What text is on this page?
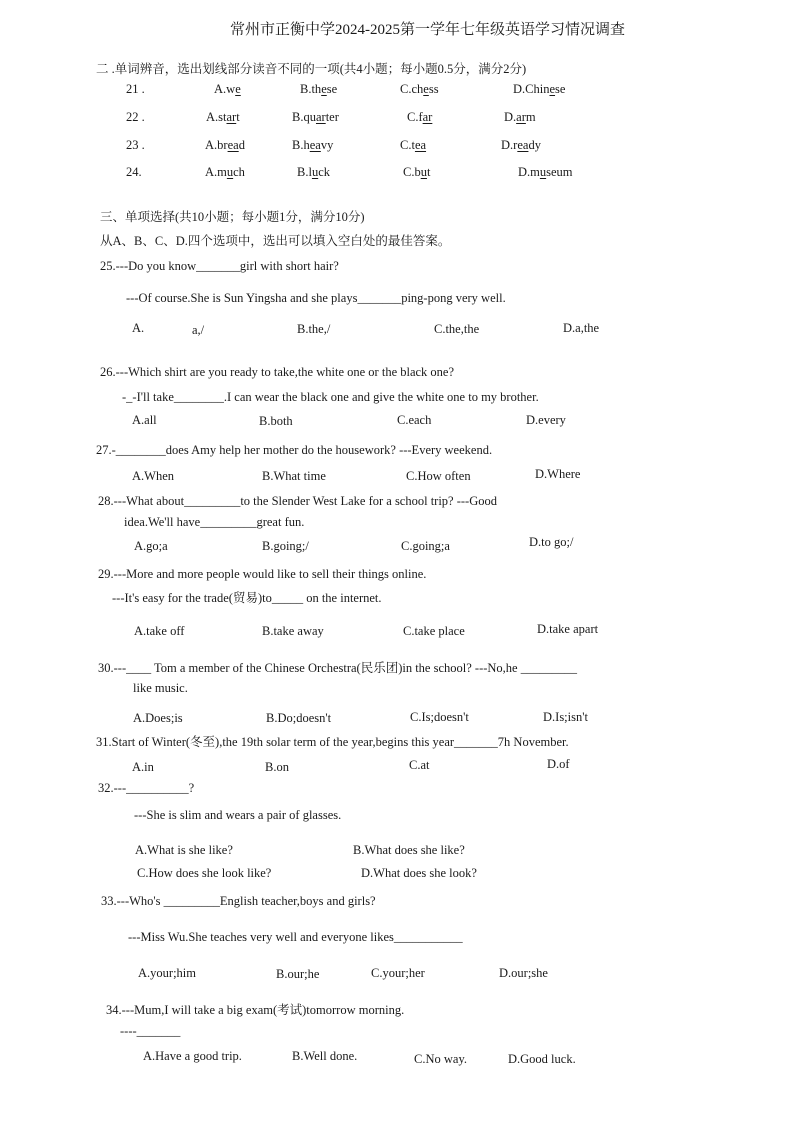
常州市正衡中学2024-2025第一学年七年级英语学习情况调查
二 .单词辨音，选出划线部分读音不同的一项(共4小题；每小题0.5分，满分2分)
21 .	A.we	B.these	C.chess	D.Chinese
22 .	A.start	B.quarter	C.far	D.arm
23 .	A.bread	B.heavy	C.tea	D.ready
24.	A.much	B.luck	C.but	D.museum
三、单项选择(共10小题；每小题1分，满分10分)
从A、B、C、D.四个选项中，选出可以填入空白处的最佳答案。
25.---Do you know_______girl with short hair?
---Of course.She is Sun Yingsha and she plays_______ping-pong very well.
A.	a,/	B.the,/	C.the,the	D.a,the
26.---Which shirt are you ready to take,the white one or the black one?
-_-I'll take________.I can wear the black one and give the white one to my brother.
A.all	B.both	C.each	D.every
27.-________does Amy help her mother do the housework? ---Every weekend.
A.When	B.What time	C.How often	D.Where
28.---What about_________to the Slender West Lake for a school trip? ---Good
idea.We'll have_________great fun.
A.go;a	B.going;/	C.going;a	D.to go;/
29.---More and more people would like to sell their things online.
---It's easy for the trade(贸易)to_____ on the internet.
A.take off	B.take away	C.take place	D.take apart
30.---____ Tom a member of the Chinese Orchestra(民乐团)in the school? ---No,he _________
like music.
A.Does;is	B.Do;doesn't	C.Is;doesn't	D.Is;isn't
31.Start of Winter(冬至),the 19th solar term of the year,begins this year_______7h November.
A.in	B.on	C.at	D.of
32.---__________?
---She is slim and wears a pair of glasses.
A.What is she like?	B.What does she like?
C.How does she look like?	D.What does she look?
33.---Who's _________English teacher,boys and girls?
---Miss Wu.She teaches very well and everyone likes___________
A.your;him	B.our;he	C.your;her	D.our;she
34.---Mum,I will take a big exam(考试)tomorrow morning.
----_______
A.Have a good trip.	B.Well done.	C.No way.	D.Good luck.
